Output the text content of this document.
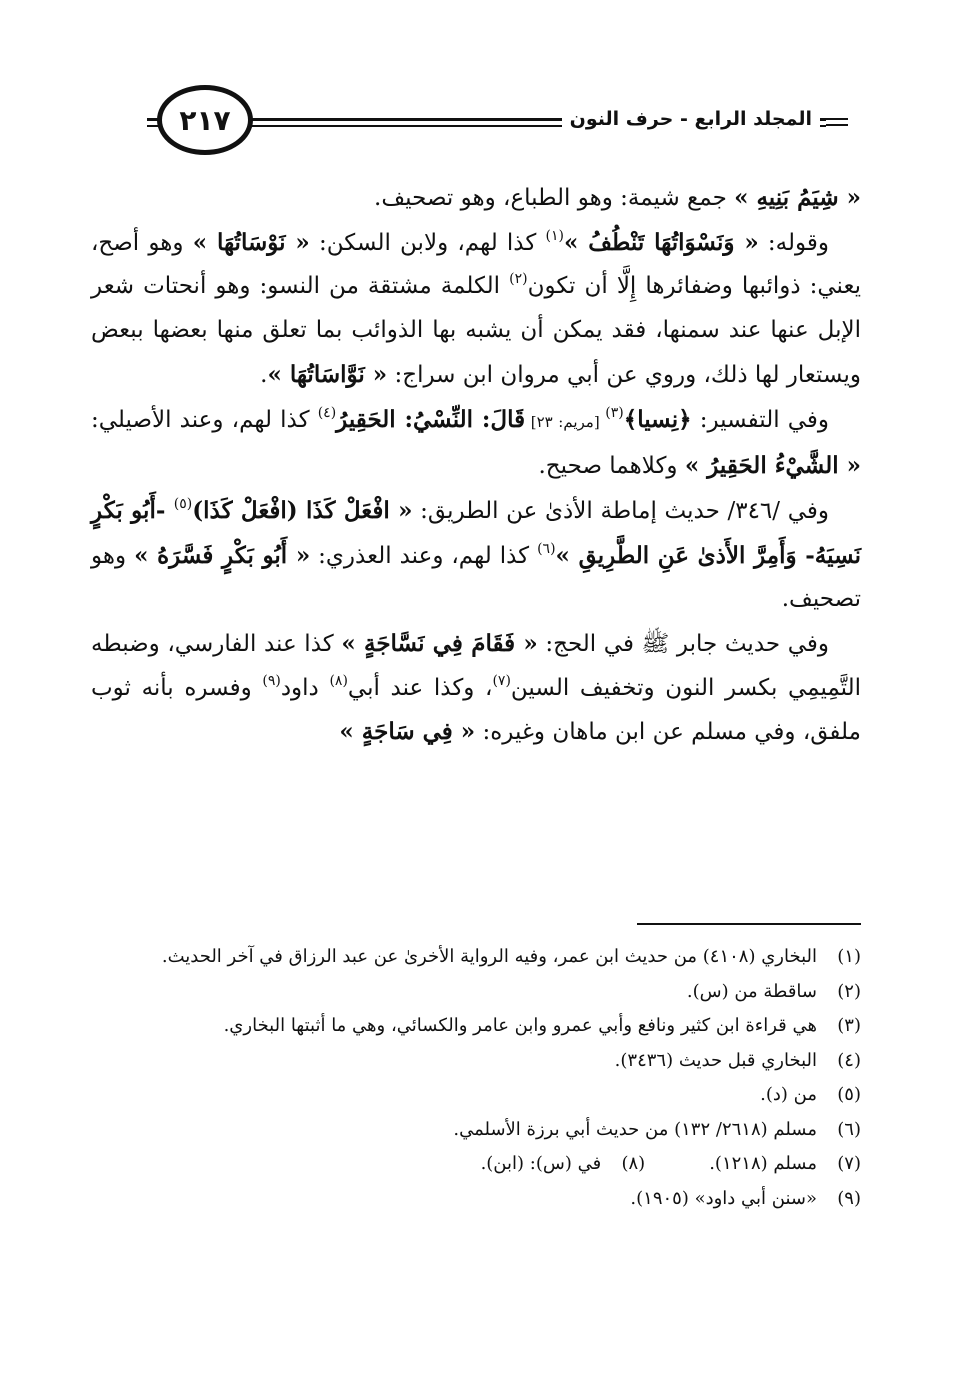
٢١٧	المجلد الرابع - حرف النون

« شِيَمُ بَنِيهِ » جمع شيمة: وهو الطباع، وهو تصحيف.

وقوله: « وَنَسْوَاتُهَا تَنْطُفُ »$^{(١)}$ كذا لهم، ولابن السكن: « نَوْسَاتُهَا » وهو أصح، يعني: ذوائبها وضفائرها إِلَّا أن تكون$^{(٢)}$ الكلمة مشتقة من النسو: وهو أنحتات شعر الإبل عنها عند سمنها، فقد يمكن أن يشبه بها الذوائب بما تعلق منها بعضها ببعض ويستعار لها ذلك، وروي عن أبي مروان ابن سراج: « نَوَّاسَاتُهَا ».

وفي التفسير: ﴿نِسيا﴾$^{(٣)}$ [مريم: ٢٣] قَالَ: النِّسْيُ: الحَقِيرُ$^{(٤)}$ كذا لهم، وعند الأصيلي: « الشَّيْءُ الحَقِيرُ » وكلاهما صحيح.

وفي /٣٤٦/ حديث إماطة الأذىٰ عن الطريق: « افْعَلْ كَذَا (افْعَلْ كَذَا)$^{(٥)}$ -أَبُو بَكْرٍ نَسِيَهُ- وَأَمِرَّ الأَذىٰ عَنِ الطَّرِيقِ »$^{(٦)}$ كذا لهم، وعند العذري: « أَبُو بَكْرٍ فَسَّرَهُ » وهو تصحيف.

وفي حديث جابر ﷺ في الحج: « فَقَامَ فِي نَسَّاجَةٍ » كذا عند الفارسي، وضبطه التَّمِيمِي بكسر النون وتخفيف السين$^{(٧)}$، وكذا عند أبي$^{(٨)}$ داود$^{(٩)}$ وفسره بأنه ثوب ملفق، وفي مسلم عن ابن ماهان وغيره: « فِي سَاجَةٍ »

(١)
البخاري (٤١٠٨) من حديث ابن عمر، وفيه الرواية الأخرىٰ عن عبد الرزاق في آخر الحديث.

(٢)
ساقطة من (س).

(٣)
هي قراءة ابن كثير ونافع وأبي عمرو وابن عامر والكسائي، وهي ما أثبتها البخاري.

(٤)
البخاري قبل حديث (٣٤٣٦).

(٥)
من (د).

(٦)
مسلم (٢٦١٨/ ١٣٢) من حديث أبي برزة الأسلمي.

(٧)
مسلم (١٢١٨).
(٨)
في (س): (ابن).

(٩)
«سنن أبي داود» (١٩٠٥).
